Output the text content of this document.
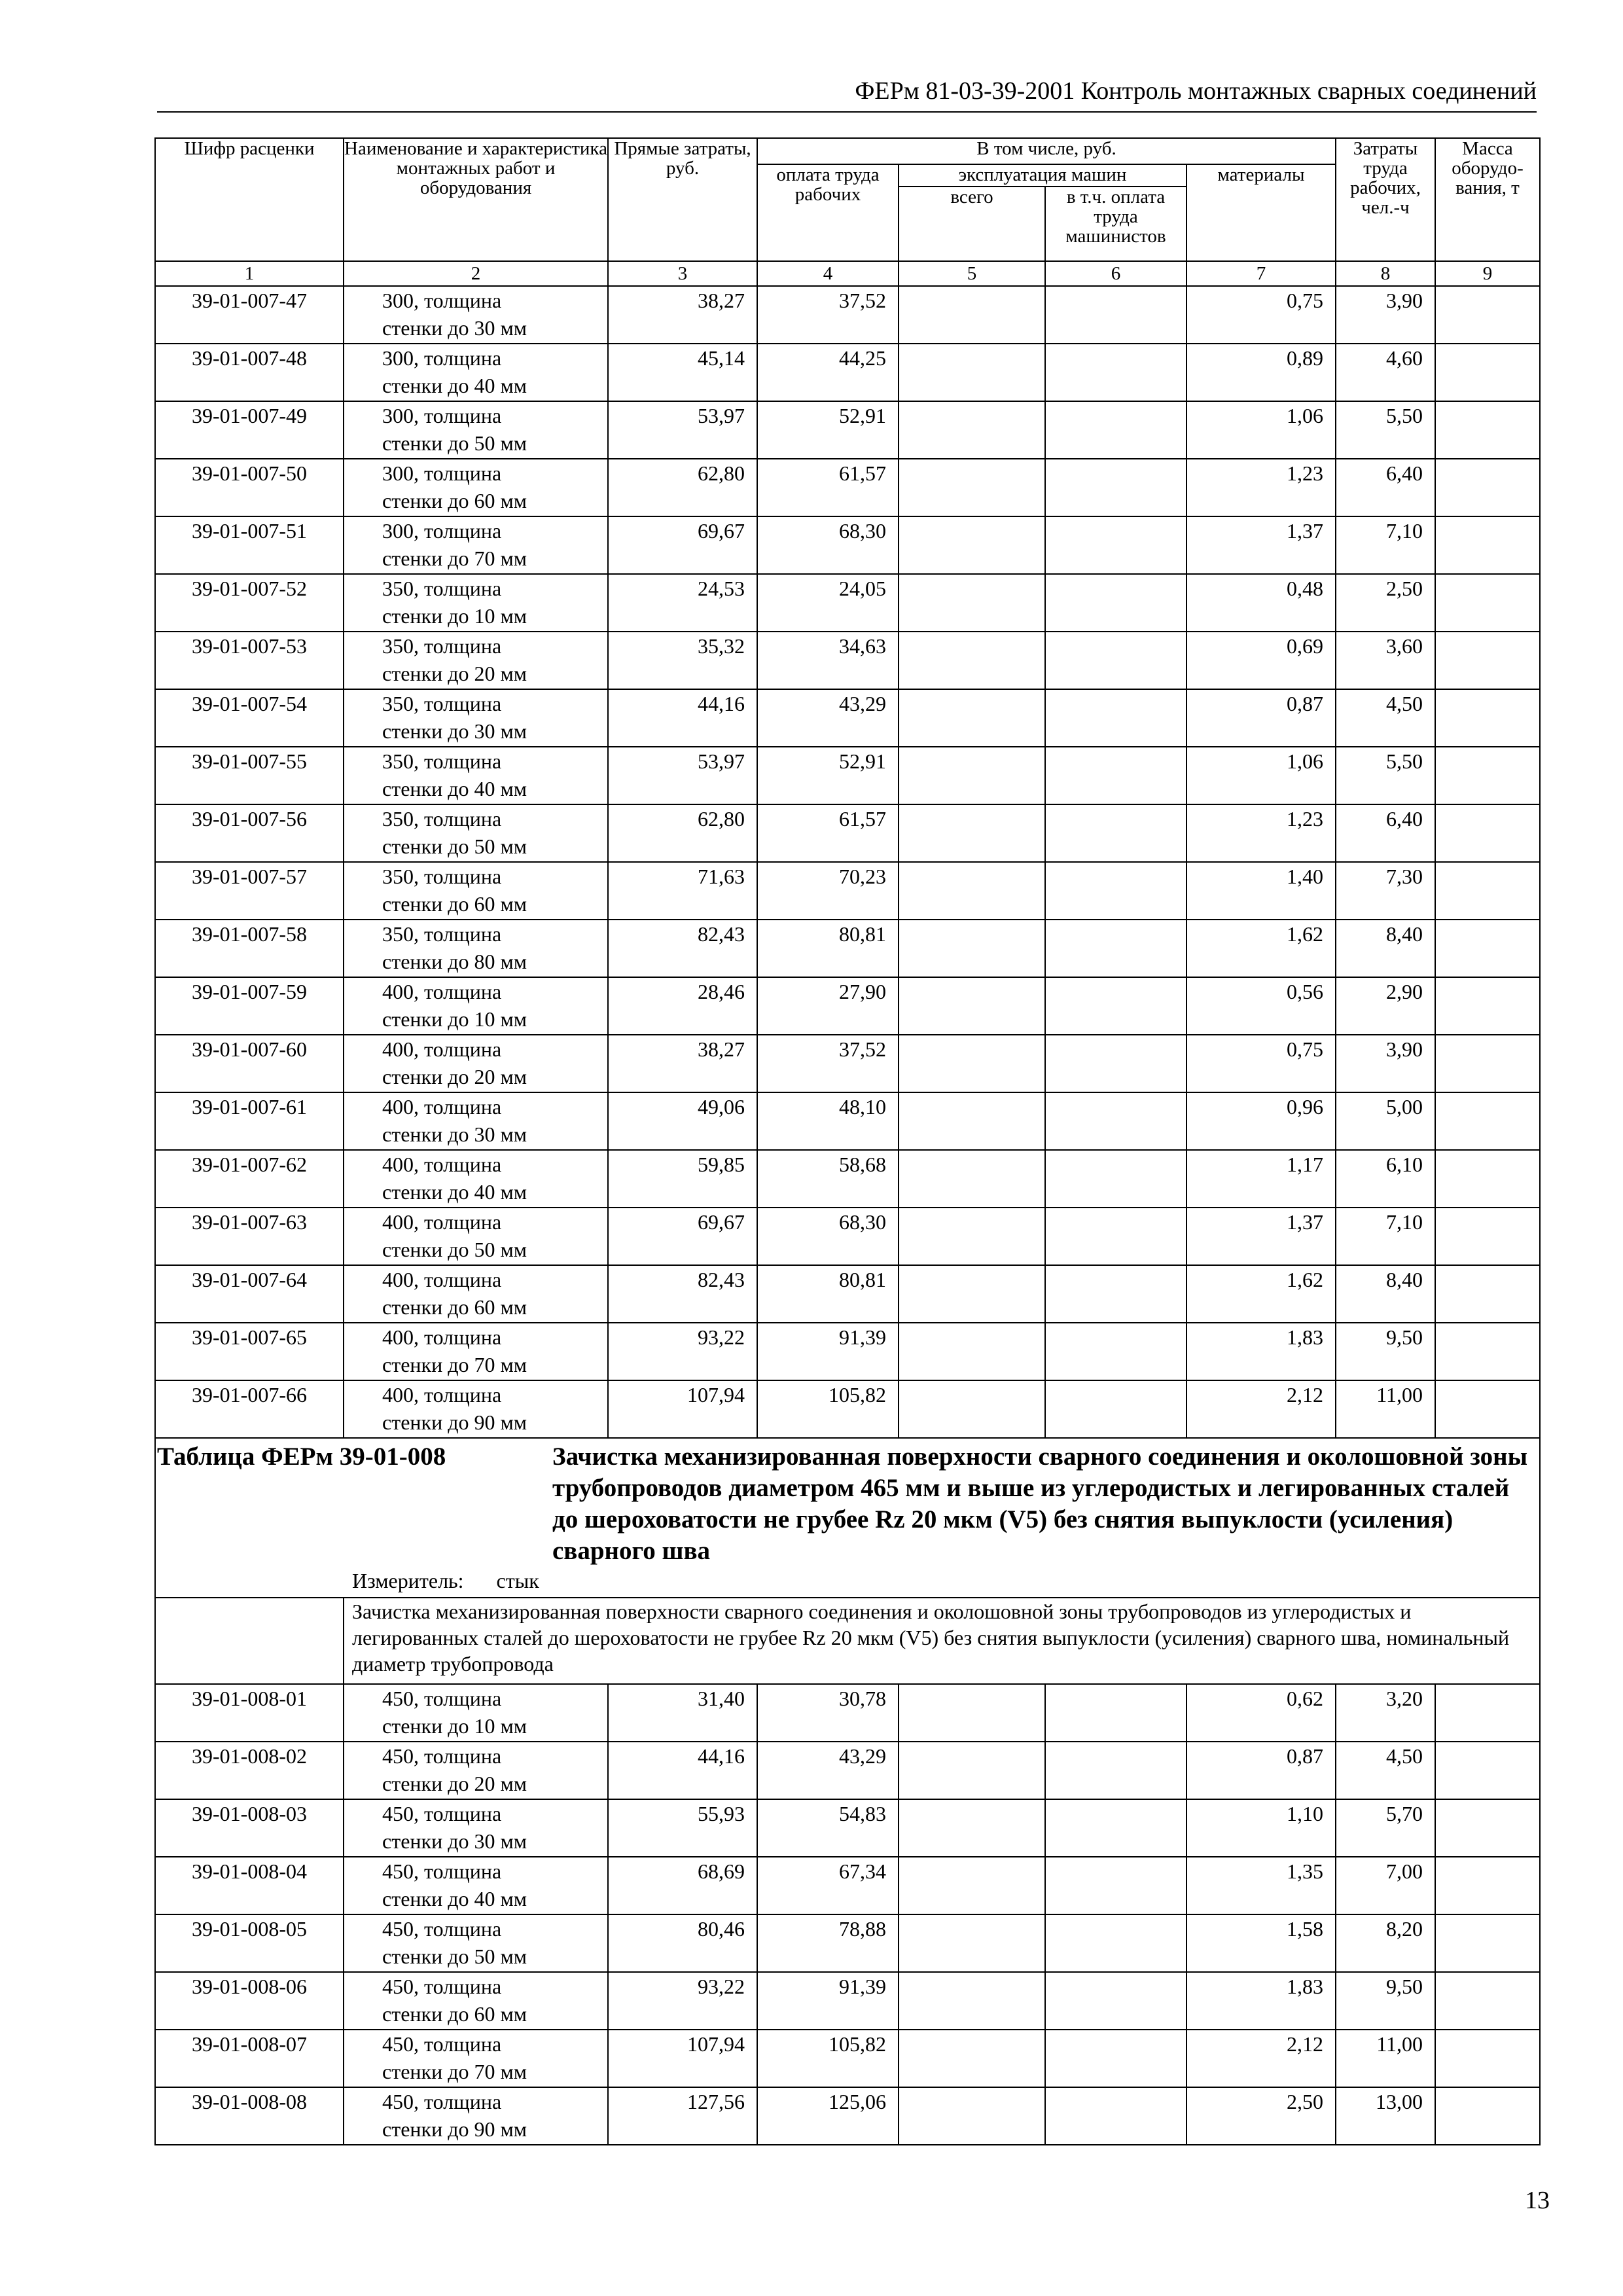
ФЕРм 81-03-39-2001 Контроль монтажных сварных соединений
Шифр расценки	Наименование и характеристика монтажных работ и оборудования	Прямые затраты, руб.	В том числе, руб.				Затраты труда рабочих, чел.-ч	Масса оборудо-вания, т
			оплата труда рабочих	эксплуатация машин		материалы		
				всего	в т.ч. оплата труда машинистов			

1	2	3	4	5	6	7	8	9
39-01-007-47	300, толщина
стенки до 30 мм	38,27	37,52			0,75	3,90	
39-01-007-48	300, толщина
стенки до 40 мм	45,14	44,25			0,89	4,60	
39-01-007-49	300, толщина
стенки до 50 мм	53,97	52,91			1,06	5,50	
39-01-007-50	300, толщина
стенки до 60 мм	62,80	61,57			1,23	6,40	
39-01-007-51	300, толщина
стенки до 70 мм	69,67	68,30			1,37	7,10	
39-01-007-52	350, толщина
стенки до 10 мм	24,53	24,05			0,48	2,50	
39-01-007-53	350, толщина
стенки до 20 мм	35,32	34,63			0,69	3,60	
39-01-007-54	350, толщина
стенки до 30 мм	44,16	43,29			0,87	4,50	
39-01-007-55	350, толщина
стенки до 40 мм	53,97	52,91			1,06	5,50	
39-01-007-56	350, толщина
стенки до 50 мм	62,80	61,57			1,23	6,40	
39-01-007-57	350, толщина
стенки до 60 мм	71,63	70,23			1,40	7,30	
39-01-007-58	350, толщина
стенки до 80 мм	82,43	80,81			1,62	8,40	
39-01-007-59	400, толщина
стенки до 10 мм	28,46	27,90			0,56	2,90	
39-01-007-60	400, толщина
стенки до 20 мм	38,27	37,52			0,75	3,90	
39-01-007-61	400, толщина
стенки до 30 мм	49,06	48,10			0,96	5,00	
39-01-007-62	400, толщина
стенки до 40 мм	59,85	58,68			1,17	6,10	
39-01-007-63	400, толщина
стенки до 50 мм	69,67	68,30			1,37	7,10	
39-01-007-64	400, толщина
стенки до 60 мм	82,43	80,81			1,62	8,40	
39-01-007-65	400, толщина
стенки до 70 мм	93,22	91,39			1,83	9,50	
39-01-007-66	400, толщина
стенки до 90 мм	107,94	105,82			2,12	11,00	

Таблица ФЕРм 39-01-008 Зачистка механизированная поверхности сварного соединения и околошовной зоны трубопроводов диаметром 465 мм и выше из углеродистых и легированных сталей до шероховатости не грубее Rz 20 мкм (V5) без снятия выпуклости (усиления) сварного шва
Измеритель: стык								

	Зачистка механизированная поверхности сварного соединения и околошовной зоны трубопроводов из углеродистых и легированных сталей до шероховатости не грубее Rz 20 мкм (V5) без снятия выпуклости (усиления) сварного шва, номинальный диаметр трубопровода							
39-01-008-01	450, толщина
стенки до 10 мм	31,40	30,78			0,62	3,20	
39-01-008-02	450, толщина
стенки до 20 мм	44,16	43,29			0,87	4,50	
39-01-008-03	450, толщина
стенки до 30 мм	55,93	54,83			1,10	5,70	
39-01-008-04	450, толщина
стенки до 40 мм	68,69	67,34			1,35	7,00	
39-01-008-05	450, толщина
стенки до 50 мм	80,46	78,88			1,58	8,20	
39-01-008-06	450, толщина
стенки до 60 мм	93,22	91,39			1,83	9,50	
39-01-008-07	450, толщина
стенки до 70 мм	107,94	105,82			2,12	11,00	
39-01-008-08	450, толщина
стенки до 90 мм	127,56	125,06			2,50	13,00	
13
